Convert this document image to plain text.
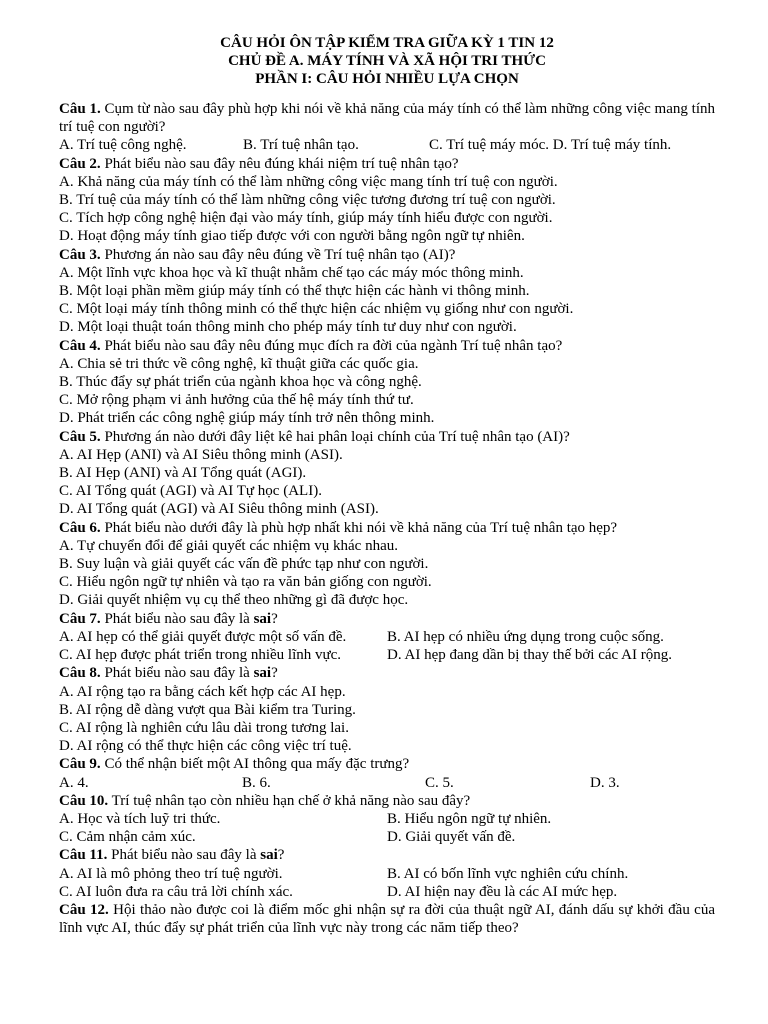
CÂU HỎI ÔN TẬP KIỂM TRA GIỮA KỲ 1 TIN 12
CHỦ ĐỀ A. MÁY TÍNH VÀ XÃ HỘI TRI THỨC
PHẦN I: CÂU HỎI NHIỀU LỰA CHỌN
Câu 1. Cụm từ nào sau đây phù hợp khi nói về khả năng của máy tính có thể làm những công việc mang tính trí tuệ con người?
A. Trí tuệ công nghệ.	B. Trí tuệ nhân tạo.	C. Trí tuệ máy móc.
D. Trí tuệ máy tính.
Câu 2. Phát biểu nào sau đây nêu đúng khái niệm trí tuệ nhân tạo?
A. Khả năng của máy tính có thể làm những công việc mang tính trí tuệ con người.
B. Trí tuệ của máy tính có thể làm những công việc tương đương trí tuệ con người.
C. Tích hợp công nghệ hiện đại vào máy tính, giúp máy tính hiểu được con người.
D. Hoạt động máy tính giao tiếp được với con người bằng ngôn ngữ tự nhiên.
Câu 3. Phương án nào sau đây nêu đúng về Trí tuệ nhân tạo (AI)?
A. Một lĩnh vực khoa học và kĩ thuật nhằm chế tạo các máy móc thông minh.
B. Một loại phần mềm giúp máy tính có thể thực hiện các hành vi thông minh.
C. Một loại máy tính thông minh có thể thực hiện các nhiệm vụ giống như con người.
D. Một loại thuật toán thông minh cho phép máy tính tư duy như con người.
Câu 4. Phát biểu nào sau đây nêu đúng mục đích ra đời của ngành Trí tuệ nhân tạo?
A. Chia sẻ tri thức về công nghệ, kĩ thuật giữa các quốc gia.
B. Thúc đẩy sự phát triển của ngành khoa học và công nghệ.
C. Mở rộng phạm vi ảnh hưởng của thế hệ máy tính thứ tư.
D. Phát triển các công nghệ giúp máy tính trở nên thông minh.
Câu 5. Phương án nào dưới đây liệt kê hai phân loại chính của Trí tuệ nhân tạo (AI)?
A. AI Hẹp (ANI) và AI Siêu thông minh (ASI).
B. AI Hẹp (ANI) và AI Tổng quát (AGI).
C. AI Tổng quát (AGI) và AI Tự học (ALI).
D. AI Tổng quát (AGI) và AI Siêu thông minh (ASI).
Câu 6. Phát biểu nào dưới đây là phù hợp nhất khi nói về khả năng của Trí tuệ nhân tạo hẹp?
A. Tự chuyển đổi để giải quyết các nhiệm vụ khác nhau.
B. Suy luận và giải quyết các vấn đề phức tạp như con người.
C. Hiểu ngôn ngữ tự nhiên và tạo ra văn bản giống con người.
D. Giải quyết nhiệm vụ cụ thể theo những gì đã được học.
Câu 7. Phát biểu nào sau đây là sai?
A. AI hẹp có thể giải quyết được một số vấn đề.	B. AI hẹp có nhiều ứng dụng trong cuộc sống.
C. AI hẹp được phát triển trong nhiều lĩnh vực.	D. AI hẹp đang dần bị thay thế bởi các AI rộng.
Câu 8. Phát biểu nào sau đây là sai?
A. AI rộng tạo ra bằng cách kết hợp các AI hẹp.
B. AI rộng dễ dàng vượt qua Bài kiểm tra Turing.
C. AI rộng là nghiên cứu lâu dài trong tương lai.
D. AI rộng có thể thực hiện các công việc trí tuệ.
Câu 9. Có thể nhận biết một AI thông qua mấy đặc trưng?
A. 4.	B. 6.	C. 5.	D. 3.
Câu 10. Trí tuệ nhân tạo còn nhiều hạn chế ở khả năng nào sau đây?
A. Học và tích luỹ tri thức.	B. Hiểu ngôn ngữ tự nhiên.
C. Cảm nhận cảm xúc.	D. Giải quyết vấn đề.
Câu 11. Phát biểu nào sau đây là sai?
A. AI là mô phỏng theo trí tuệ người.	B. AI có bốn lĩnh vực nghiên cứu chính.
C. AI luôn đưa ra câu trả lời chính xác.	D. AI hiện nay đều là các AI mức hẹp.
Câu 12. Hội thảo nào được coi là điểm mốc ghi nhận sự ra đời của thuật ngữ AI, đánh dấu sự khởi đầu của lĩnh vực AI, thúc đẩy sự phát triển của lĩnh vực này trong các năm tiếp theo?
